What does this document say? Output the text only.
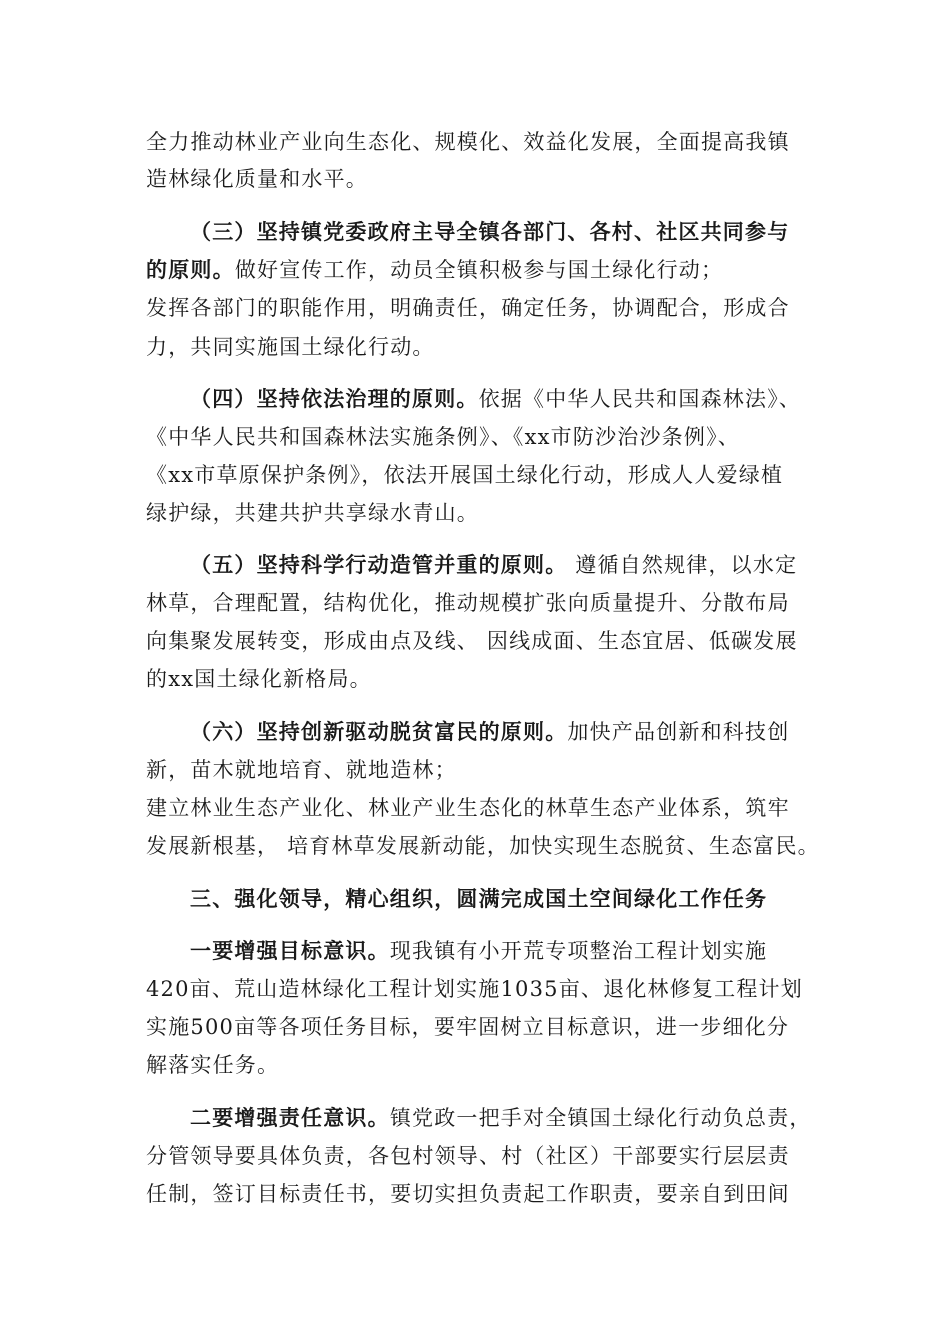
全力推动林业产业向生态化、规模化、效益化发展，全面提高我镇
造林绿化质量和水平。
（三）坚持镇党委政府主导全镇各部门、各村、社区共同参与
的原则。做好宣传工作，动员全镇积极参与国土绿化行动；
发挥各部门的职能作用，明确责任，确定任务，协调配合，形成合
力，共同实施国土绿化行动。
（四）坚持依法治理的原则。依据《中华人民共和国森林法》、
《中华人民共和国森林法实施条例》、《xx市防沙治沙条例》、
《xx市草原保护条例》，依法开展国土绿化行动，形成人人爱绿植
绿护绿，共建共护共享绿水青山。
（五）坚持科学行动造管并重的原则。 遵循自然规律，以水定
林草，合理配置，结构优化，推动规模扩张向质量提升、分散布局
向集聚发展转变，形成由点及线、 因线成面、生态宜居、低碳发展
的xx国土绿化新格局。
（六）坚持创新驱动脱贫富民的原则。加快产品创新和科技创
新，苗木就地培育、就地造林；
建立林业生态产业化、林业产业生态化的林草生态产业体系，筑牢
发展新根基， 培育林草发展新动能，加快实现生态脱贫、生态富民。
三、强化领导，精心组织，圆满完成国土空间绿化工作任务
一要增强目标意识。现我镇有小开荒专项整治工程计划实施
420亩、荒山造林绿化工程计划实施1035亩、退化林修复工程计划
实施500亩等各项任务目标，要牢固树立目标意识，进一步细化分
解落实任务。
二要增强责任意识。镇党政一把手对全镇国土绿化行动负总责，
分管领导要具体负责，各包村领导、村（社区）干部要实行层层责
任制，签订目标责任书，要切实担负责起工作职责，要亲自到田间
